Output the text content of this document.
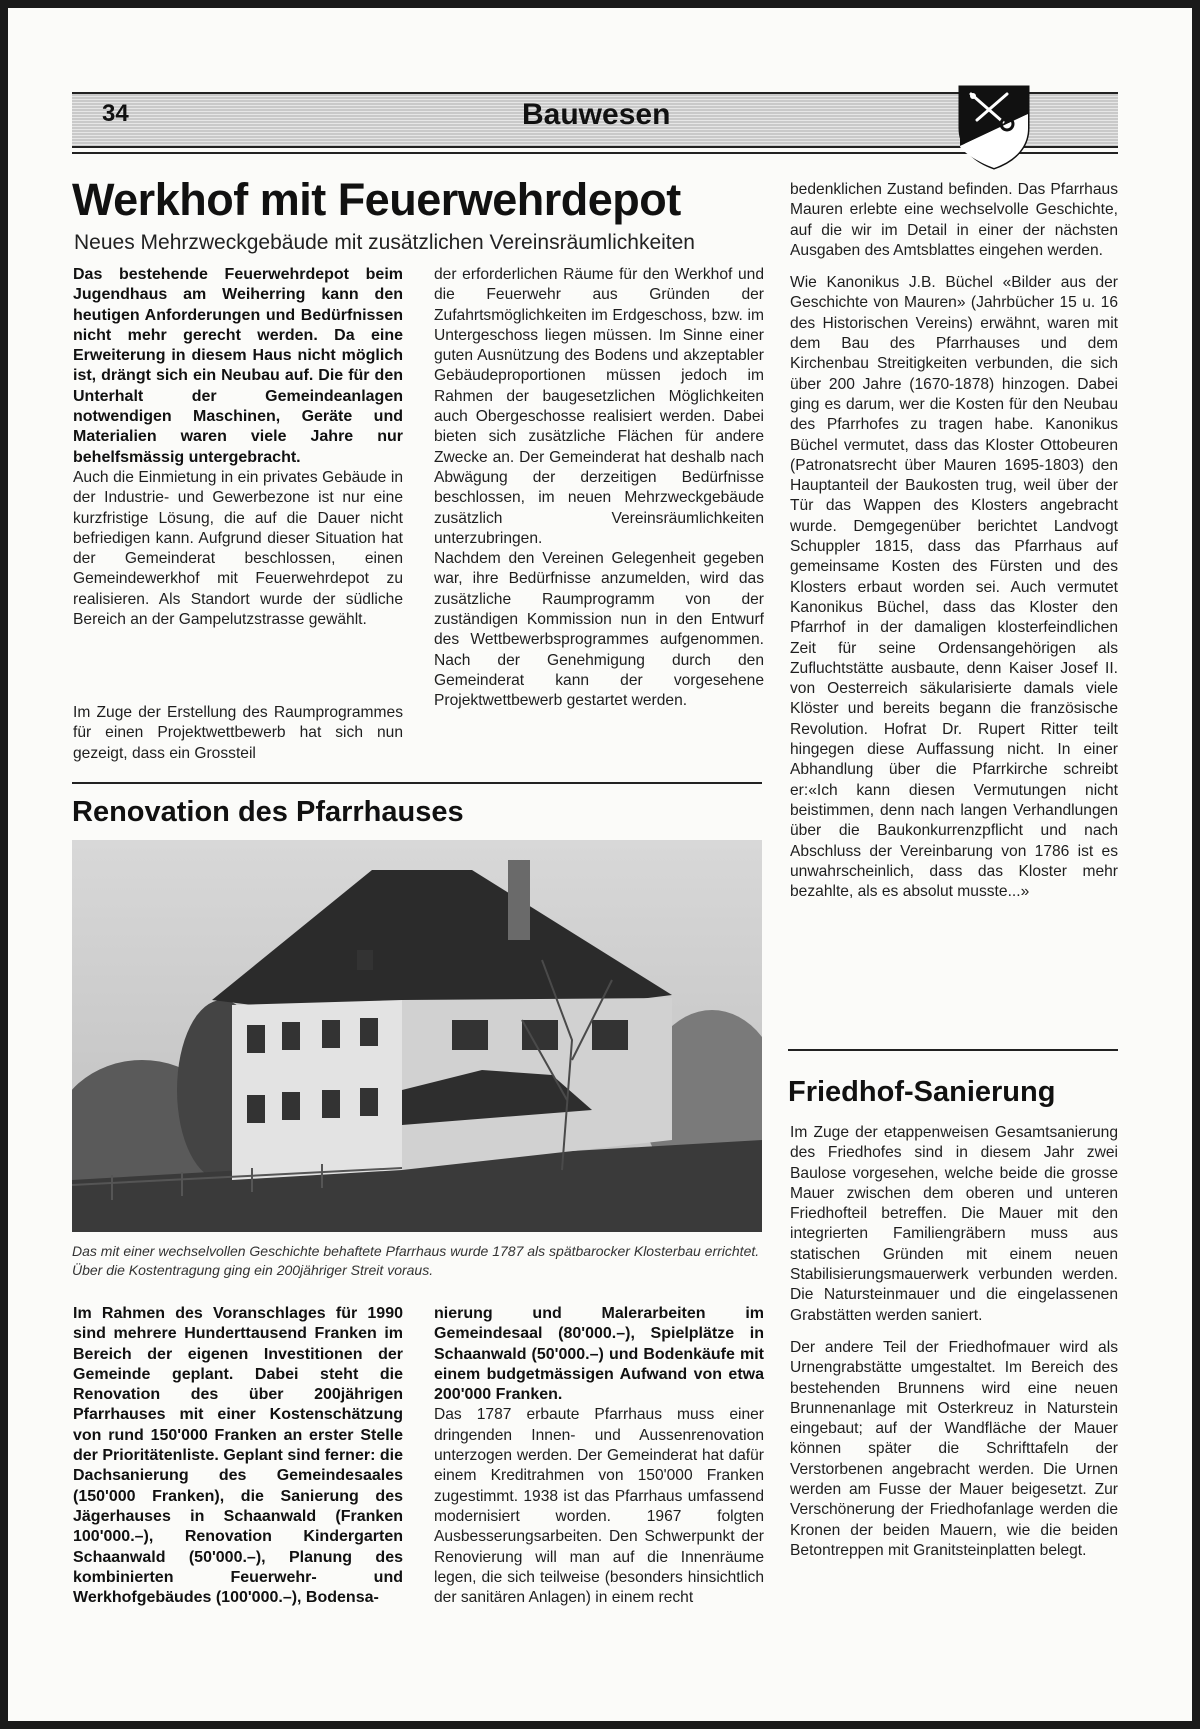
34	Bauwesen
Werkhof mit Feuerwehrdepot
Neues Mehrzweckgebäude mit zusätzlichen Vereinsräumlichkeiten

Das bestehende Feuerwehrdepot beim Jugendhaus am Weiherring kann den heutigen Anforderungen und Bedürfnissen nicht mehr gerecht werden. Da eine Erweiterung in diesem Haus nicht möglich ist, drängt sich ein Neubau auf. Die für den Unterhalt der Gemeindeanlagen notwendigen Maschinen, Geräte und Materialien waren viele Jahre nur behelfsmässig untergebracht.

Auch die Einmietung in ein privates Gebäude in der Industrie- und Gewerbezone ist nur eine kurzfristige Lösung, die auf die Dauer nicht befriedigen kann. Aufgrund dieser Situation hat der Gemeinderat beschlossen, einen Gemeindewerkhof mit Feuerwehrdepot zu realisieren. Als Standort wurde der südliche Bereich an der Gampelutzstrasse gewählt.

Im Zuge der Erstellung des Raumprogrammes für einen Projektwettbewerb hat sich nun gezeigt, dass ein Grossteil

der erforderlichen Räume für den Werkhof und die Feuerwehr aus Gründen der Zufahrtsmöglichkeiten im Erdgeschoss, bzw. im Untergeschoss liegen müssen. Im Sinne einer guten Ausnützung des Bodens und akzeptabler Gebäudeproportionen müssen jedoch im Rahmen der baugesetzlichen Möglichkeiten auch Obergeschosse realisiert werden. Dabei bieten sich zusätzliche Flächen für andere Zwecke an. Der Gemeinderat hat deshalb nach Abwägung der derzeitigen Bedürfnisse beschlossen, im neuen Mehrzweckgebäude zusätzlich Vereinsräumlichkeiten unterzubringen.

Nachdem den Vereinen Gelegenheit gegeben war, ihre Bedürfnisse anzumelden, wird das zusätzliche Raumprogramm von der zuständigen Kommission nun in den Entwurf des Wettbewerbsprogrammes aufgenommen. Nach der Genehmigung durch den Gemeinderat kann der vorgesehene Projektwettbewerb gestartet werden.

Renovation des Pfarrhauses
Das mit einer wechselvollen Geschichte behaftete Pfarrhaus wurde 1787 als spätbarocker Klosterbau errichtet. Über die Kostentragung ging ein 200jähriger Streit voraus.

Im Rahmen des Voranschlages für 1990 sind mehrere Hunderttausend Franken im Bereich der eigenen Investitionen der Gemeinde geplant. Dabei steht die Renovation des über 200jährigen Pfarrhauses mit einer Kostenschätzung von rund 150'000 Franken an erster Stelle der Prioritätenliste. Geplant sind ferner: die Dachsanierung des Gemeindesaales (150'000 Franken), die Sanierung des Jägerhauses in Schaanwald (Franken 100'000.–), Renovation Kindergarten Schaanwald (50'000.–), Planung des kombinierten Feuerwehr- und Werkhofgebäudes (100'000.–), Bodensa-

nierung und Malerarbeiten im Gemeindesaal (80'000.–), Spielplätze in Schaanwald (50'000.–) und Bodenkäufe mit einem budgetmässigen Aufwand von etwa 200'000 Franken.

Das 1787 erbaute Pfarrhaus muss einer dringenden Innen- und Aussenrenovation unterzogen werden. Der Gemeinderat hat dafür einem Kreditrahmen von 150'000 Franken zugestimmt. 1938 ist das Pfarrhaus umfassend modernisiert worden. 1967 folgten Ausbesserungsarbeiten. Den Schwerpunkt der Renovierung will man auf die Innenräume legen, die sich teilweise (besonders hinsichtlich der sanitären Anlagen) in einem recht

bedenklichen Zustand befinden. Das Pfarrhaus Mauren erlebte eine wechselvolle Geschichte, auf die wir im Detail in einer der nächsten Ausgaben des Amtsblattes eingehen werden.

Wie Kanonikus J.B. Büchel «Bilder aus der Geschichte von Mauren» (Jahrbücher 15 u. 16 des Historischen Vereins) erwähnt, waren mit dem Bau des Pfarrhauses und dem Kirchenbau Streitigkeiten verbunden, die sich über 200 Jahre (1670-1878) hinzogen. Dabei ging es darum, wer die Kosten für den Neubau des Pfarrhofes zu tragen habe. Kanonikus Büchel vermutet, dass das Kloster Ottobeuren (Patronatsrecht über Mauren 1695-1803) den Hauptanteil der Baukosten trug, weil über der Tür das Wappen des Klosters angebracht wurde. Demgegenüber berichtet Landvogt Schuppler 1815, dass das Pfarrhaus auf gemeinsame Kosten des Fürsten und des Klosters erbaut worden sei. Auch vermutet Kanonikus Büchel, dass das Kloster den Pfarrhof in der damaligen klosterfeindlichen Zeit für seine Ordensangehörigen als Zufluchtstätte ausbaute, denn Kaiser Josef II. von Oesterreich säkularisierte damals viele Klöster und bereits begann die französische Revolution. Hofrat Dr. Rupert Ritter teilt hingegen diese Auffassung nicht. In einer Abhandlung über die Pfarrkirche schreibt er:«Ich kann diesen Vermutungen nicht beistimmen, denn nach langen Verhandlungen über die Baukonkurrenzpflicht und nach Abschluss der Vereinbarung von 1786 ist es unwahrscheinlich, dass das Kloster mehr bezahlte, als es absolut musste...»

Friedhof-Sanierung

Im Zuge der etappenweisen Gesamtsanierung des Friedhofes sind in diesem Jahr zwei Baulose vorgesehen, welche beide die grosse Mauer zwischen dem oberen und unteren Friedhofteil betreffen. Die Mauer mit den integrierten Familiengräbern muss aus statischen Gründen mit einem neuen Stabilisierungsmauerwerk verbunden werden. Die Natursteinmauer und die eingelassenen Grabstätten werden saniert.

Der andere Teil der Friedhofmauer wird als Urnengrabstätte umgestaltet. Im Bereich des bestehenden Brunnens wird eine neuen Brunnenanlage mit Osterkreuz in Naturstein eingebaut; auf der Wandfläche der Mauer können später die Schrifttafeln der Verstorbenen angebracht werden. Die Urnen werden am Fusse der Mauer beigesetzt. Zur Verschönerung der Friedhofanlage werden die Kronen der beiden Mauern, wie die beiden Betontreppen mit Granitsteinplatten belegt.
